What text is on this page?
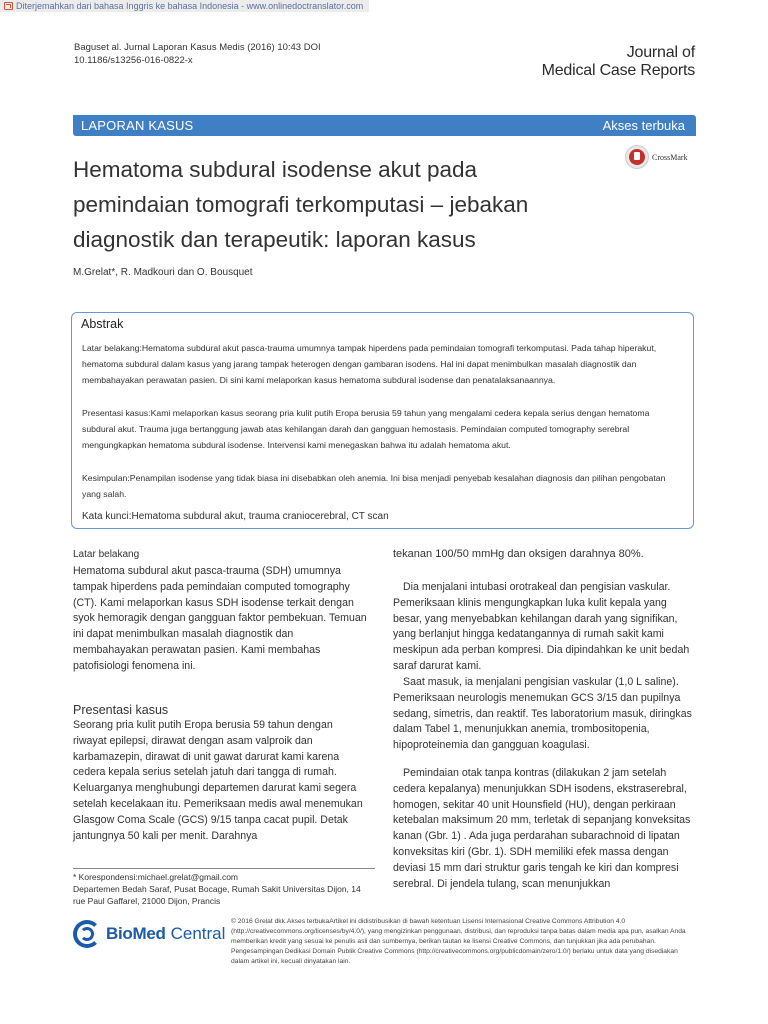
Diterjemahkan dari bahasa Inggris ke bahasa Indonesia - www.onlinedoctranslator.com
Baguset al. Jurnal Laporan Kasus Medis (2016) 10:43 DOI
10.1186/s13256-016-0822-x	Journal of
Medical Case Reports
LAPORAN KASUS	Akses terbuka
CrossMark
Hematoma subdural isodense akut pada pemindaian tomografi terkomputasi – jebakan diagnostik dan terapeutik: laporan kasus
M.Grelat*, R. Madkouri dan O. Bousquet
Abstrak
Latar belakang:Hematoma subdural akut pasca-trauma umumnya tampak hiperdens pada pemindaian tomografi terkomputasi. Pada tahap hiperakut, hematoma subdural dalam kasus yang jarang tampak heterogen dengan gambaran isodens. Hal ini dapat menimbulkan masalah diagnostik dan membahayakan perawatan pasien. Di sini kami melaporkan kasus hematoma subdural isodense dan penatalaksanaannya.
Presentasi kasus:Kami melaporkan kasus seorang pria kulit putih Eropa berusia 59 tahun yang mengalami cedera kepala serius dengan hematoma subdural akut. Trauma juga bertanggung jawab atas kehilangan darah dan gangguan hemostasis. Pemindaian computed tomography serebral mengungkapkan hematoma subdural isodense. Intervensi kami menegaskan bahwa itu adalah hematoma akut.
Kesimpulan:Penampilan isodense yang tidak biasa ini disebabkan oleh anemia. Ini bisa menjadi penyebab kesalahan diagnosis dan pilihan pengobatan yang salah.
Kata kunci:Hematoma subdural akut, trauma craniocerebral, CT scan
Latar belakang
Hematoma subdural akut pasca-trauma (SDH) umumnya tampak hiperdens pada pemindaian computed tomography (CT). Kami melaporkan kasus SDH isodense terkait dengan syok hemoragik dengan gangguan faktor pembekuan. Temuan ini dapat menimbulkan masalah diagnostik dan membahayakan perawatan pasien. Kami membahas patofisiologi fenomena ini.
Presentasi kasus
Seorang pria kulit putih Eropa berusia 59 tahun dengan riwayat epilepsi, dirawat dengan asam valproik dan karbamazepin, dirawat di unit gawat darurat kami karena cedera kepala serius setelah jatuh dari tangga di rumah. Keluarganya menghubungi departemen darurat kami segera setelah kecelakaan itu. Pemeriksaan medis awal menemukan Glasgow Coma Scale (GCS) 9/15 tanpa cacat pupil. Detak jantungnya 50 kali per menit. Darahnya
tekanan 100/50 mmHg dan oksigen darahnya 80%.
Dia menjalani intubasi orotrakeal dan pengisian vaskular. Pemeriksaan klinis mengungkapkan luka kulit kepala yang besar, yang menyebabkan kehilangan darah yang signifikan, yang berlanjut hingga kedatangannya di rumah sakit kami meskipun ada perban kompresi. Dia dipindahkan ke unit bedah saraf darurat kami.
Saat masuk, ia menjalani pengisian vaskular (1,0 L saline). Pemeriksaan neurologis menemukan GCS 3/15 dan pupilnya sedang, simetris, dan reaktif. Tes laboratorium masuk, diringkas dalam Tabel 1, menunjukkan anemia, trombositopenia, hipoproteinemia dan gangguan koagulasi.
Pemindaian otak tanpa kontras (dilakukan 2 jam setelah cedera kepalanya) menunjukkan SDH isodens, ekstraserebral, homogen, sekitar 40 unit Hounsfield (HU), dengan perkiraan ketebalan maksimum 20 mm, terletak di sepanjang konveksitas kanan (Gbr. 1) . Ada juga perdarahan subarachnoid di lipatan konveksitas kiri (Gbr. 1). SDH memiliki efek massa dengan deviasi 15 mm dari struktur garis tengah ke kiri dan kompresi serebral. Di jendela tulang, scan menunjukkan
* Korespondensi:michael.grelat@gmail.com
Departemen Bedah Saraf, Pusat Bocage, Rumah Sakit Universitas Dijon, 14 rue Paul Gaffarel, 21000 Dijon, Prancis
BioMed Central
© 2016 Grelat dkk.Akses terbukaArtikel ini didistribusikan di bawah ketentuan Lisensi Internasional Creative Commons Attribution 4.0 (http://creativecommons.org/licenses/by/4.0/), yang mengizinkan penggunaan, distribusi, dan reproduksi tanpa batas dalam media apa pun, asalkan Anda memberikan kredit yang sesuai ke penulis asli dan sumbernya, berikan tautan ke lisensi Creative Commons, dan tunjukkan jika ada perubahan. Pengesampingan Dedikasi Domain Publik Creative Commons (http://creativecommons.org/publicdomain/zero/1.0/) berlaku untuk data yang disediakan dalam artikel ini, kecuali dinyatakan lain.
